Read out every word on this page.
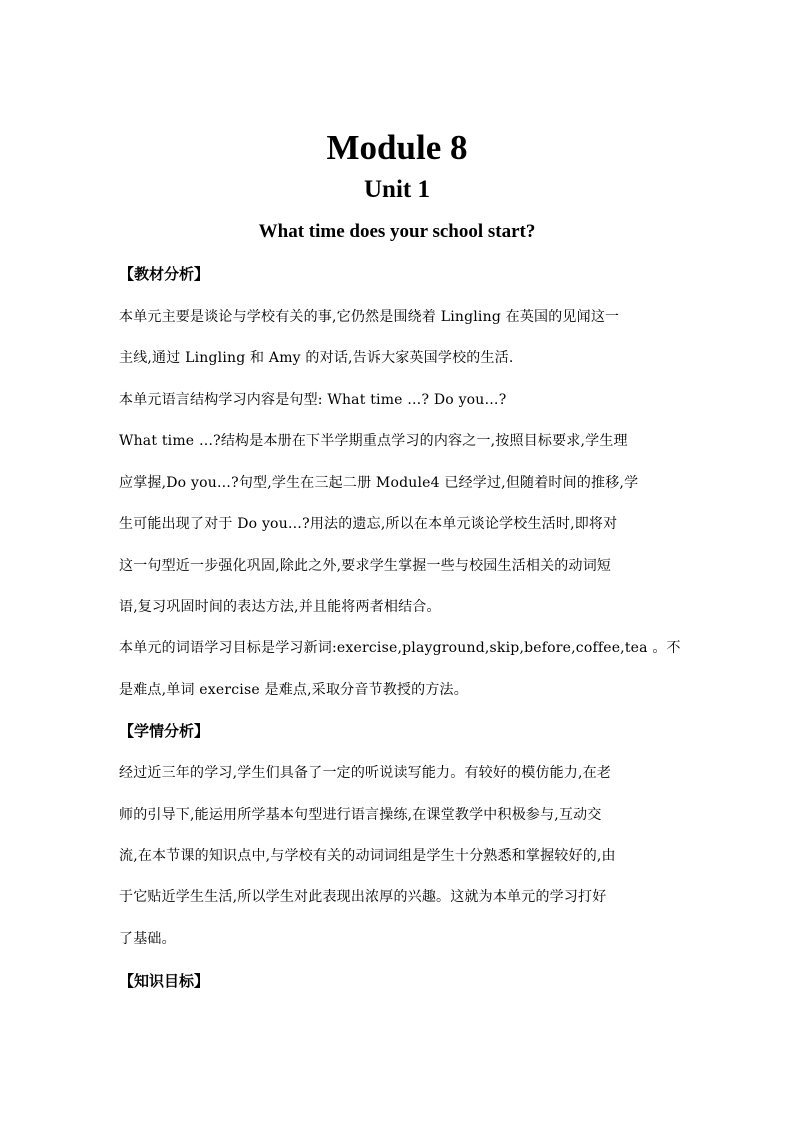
Module 8
Unit 1
What time does your school start?
【教材分析】
本单元主要是谈论与学校有关的事,它仍然是围绕着 Lingling 在英国的见闻这一
主线,通过 Lingling 和 Amy 的对话,告诉大家英国学校的生活.
本单元语言结构学习内容是句型: What time …? Do you…?
What time …?结构是本册在下半学期重点学习的内容之一,按照目标要求,学生理
应掌握,Do you…?句型,学生在三起二册 Module4 已经学过,但随着时间的推移,学
生可能出现了对于 Do you…?用法的遗忘,所以在本单元谈论学校生活时,即将对
这一句型近一步强化巩固,除此之外,要求学生掌握一些与校园生活相关的动词短
语,复习巩固时间的表达方法,并且能将两者相结合。
本单元的词语学习目标是学习新词:exercise,playground,skip,before,coffee,tea 。不
是难点,单词 exercise 是难点,采取分音节教授的方法。
【学情分析】
经过近三年的学习,学生们具备了一定的听说读写能力。有较好的模仿能力,在老
师的引导下,能运用所学基本句型进行语言操练,在课堂教学中积极参与,互动交
流,在本节课的知识点中,与学校有关的动词词组是学生十分熟悉和掌握较好的,由
于它贴近学生生活,所以学生对此表现出浓厚的兴趣。这就为本单元的学习打好
了基础。
【知识目标】
